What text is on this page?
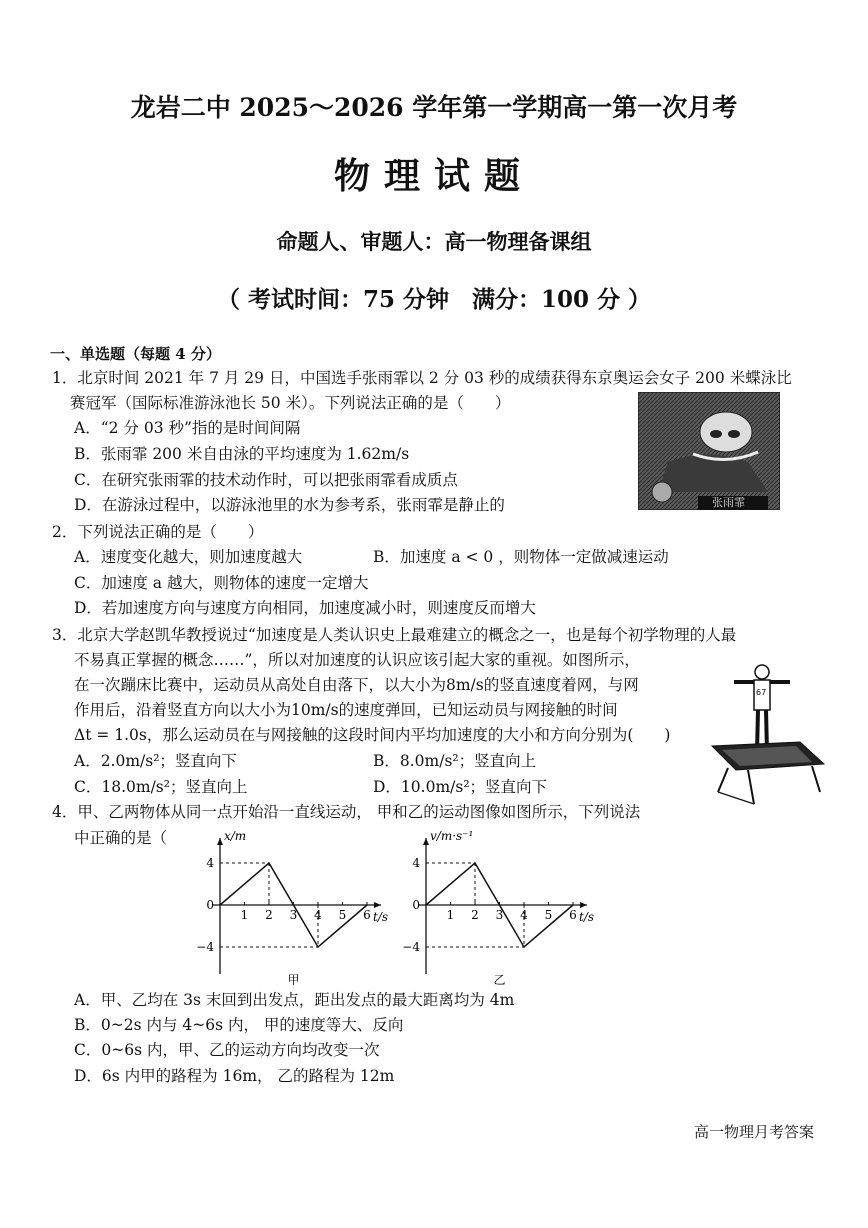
龙岩二中 2025～2026 学年第一学期高一第一次月考
物理试题
命题人、审题人：高一物理备课组
（ 考试时间：75 分钟　满分：100 分 ）
一、单选题（每题 4 分）
1．北京时间 2021 年 7 月 29 日，中国选手张雨霏以 2 分 03 秒的成绩获得东京奥运会女子 200 米蝶泳比
赛冠军（国际标准游泳池长 50 米）。下列说法正确的是（　　）
A．“2 分 03 秒”指的是时间间隔
B．张雨霏 200 米自由泳的平均速度为 1.62m/s
C．在研究张雨霏的技术动作时，可以把张雨霏看成质点
D．在游泳过程中，以游泳池里的水为参考系，张雨霏是静止的	张雨霏
2．下列说法正确的是（　　）
A．速度变化越大，则加速度越大	B．加速度 a < 0 ，则物体一定做减速运动
C．加速度 a 越大，则物体的速度一定增大
D．若加速度方向与速度方向相同，加速度减小时，则速度反而增大
3．北京大学赵凯华教授说过“加速度是人类认识史上最难建立的概念之一，也是每个初学物理的人最
不易真正掌握的概念……”，所以对加速度的认识应该引起大家的重视。如图所示，
在一次蹦床比赛中，运动员从高处自由落下，以大小为8m/s的竖直速度着网，与网
作用后，沿着竖直方向以大小为10m/s的速度弹回，已知运动员与网接触的时间
Δt = 1.0s，那么运动员在与网接触的这段时间内平均加速度的大小和方向分别为(　　)
A．2.0m/s²；竖直向下	B．8.0m/s²；竖直向上
C．18.0m/s²；竖直向上	D．10.0m/s²；竖直向下
67
4．甲、乙两物体从同一点开始沿一直线运动， 甲和乙的运动图像如图所示，下列说法
中正确的是（	x/m
t/s
4
0
−4
1 2 3 4 5 6
甲
v/m·s⁻¹
t/s
4
0
−4
1 2 3 4 5 6
乙
A．甲、乙均在 3s 末回到出发点，距出发点的最大距离均为 4m
B．0~2s 内与 4~6s 内， 甲的速度等大、反向
C．0~6s 内，甲、乙的运动方向均改变一次
D．6s 内甲的路程为 16m， 乙的路程为 12m
高一物理月考答案
